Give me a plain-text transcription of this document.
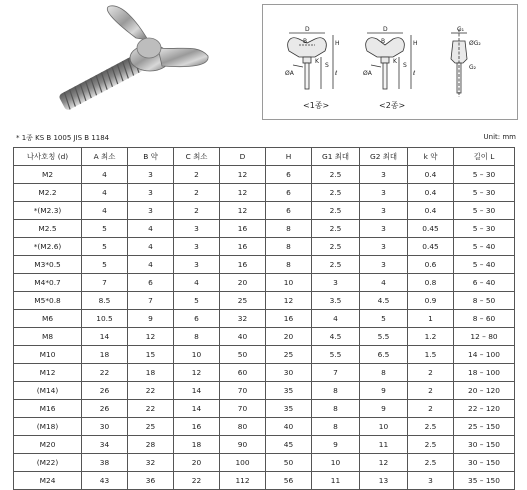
D
H
B
S
ℓ
K
ØA
D
H
B
S
ℓ
K
ØA
G₁
ØG₂
G₂
<1종>	<2종>
* 1종 KS B 1005 JIS B 1184	Unit: mm
나사호칭 (d)	A 최소	B 약	C 최소	D	H	G1 최대	G2 최대	k 약	길이 L
M2	4	3	2	12	6	2.5	3	0.4	5 – 30
M2.2	4	3	2	12	6	2.5	3	0.4	5 – 30
*(M2.3)	4	3	2	12	6	2.5	3	0.4	5 – 30
M2.5	5	4	3	16	8	2.5	3	0.45	5 – 30
*(M2.6)	5	4	3	16	8	2.5	3	0.45	5 – 40
M3*0.5	5	4	3	16	8	2.5	3	0.6	5 – 40
M4*0.7	7	6	4	20	10	3	4	0.8	6 – 40
M5*0.8	8.5	7	5	25	12	3.5	4.5	0.9	8 – 50
M6	10.5	9	6	32	16	4	5	1	8 – 60
M8	14	12	8	40	20	4.5	5.5	1.2	12 – 80
M10	18	15	10	50	25	5.5	6.5	1.5	14 – 100
M12	22	18	12	60	30	7	8	2	18 – 100
(M14)	26	22	14	70	35	8	9	2	20 – 120
M16	26	22	14	70	35	8	9	2	22 – 120
(M18)	30	25	16	80	40	8	10	2.5	25 – 150
M20	34	28	18	90	45	9	11	2.5	30 – 150
(M22)	38	32	20	100	50	10	12	2.5	30 – 150
M24	43	36	22	112	56	11	13	3	35 – 150
